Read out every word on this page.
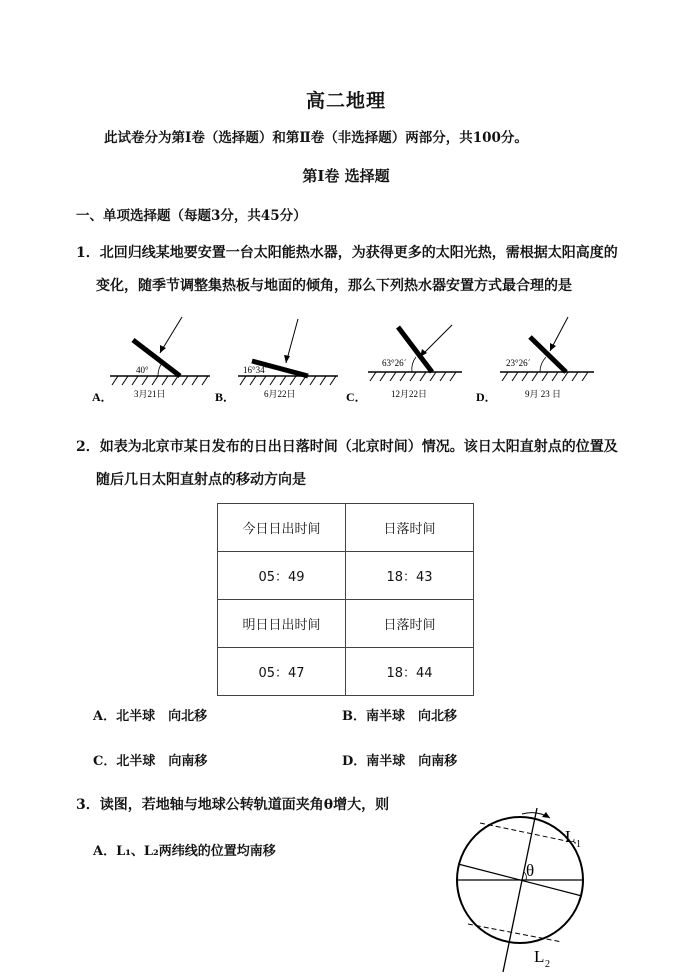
高二地理
此试卷分为第Ⅰ卷（选择题）和第Ⅱ卷（非选择题）两部分，共100分。
第Ⅰ卷 选择题
一、单项选择题（每题3分，共45分）
1．北回归线某地要安置一台太阳能热水器，为获得更多的太阳光热，需根据太阳高度的
变化，随季节调整集热板与地面的倾角，那么下列热水器安置方式最合理的是
40°
3月21日
A．
16°34´
6月22日
B．
63°26´
12月22日
C．
23°26´
9月 23 日
D．
2．如表为北京市某日发布的日出日落时间（北京时间）情况。该日太阳直射点的位置及
随后几日太阳直射点的移动方向是
今日日出时间	日落时间
05：49	18：43
明日日出时间	日落时间
05：47	18：44
A．北半球　向北移	B．南半球　向北移
C．北半球　向南移	D．南半球　向南移
3．读图，若地轴与地球公转轨道面夹角θ增大，则
A．L₁、L₂两纬线的位置均南移
θ
L 1
L 2
